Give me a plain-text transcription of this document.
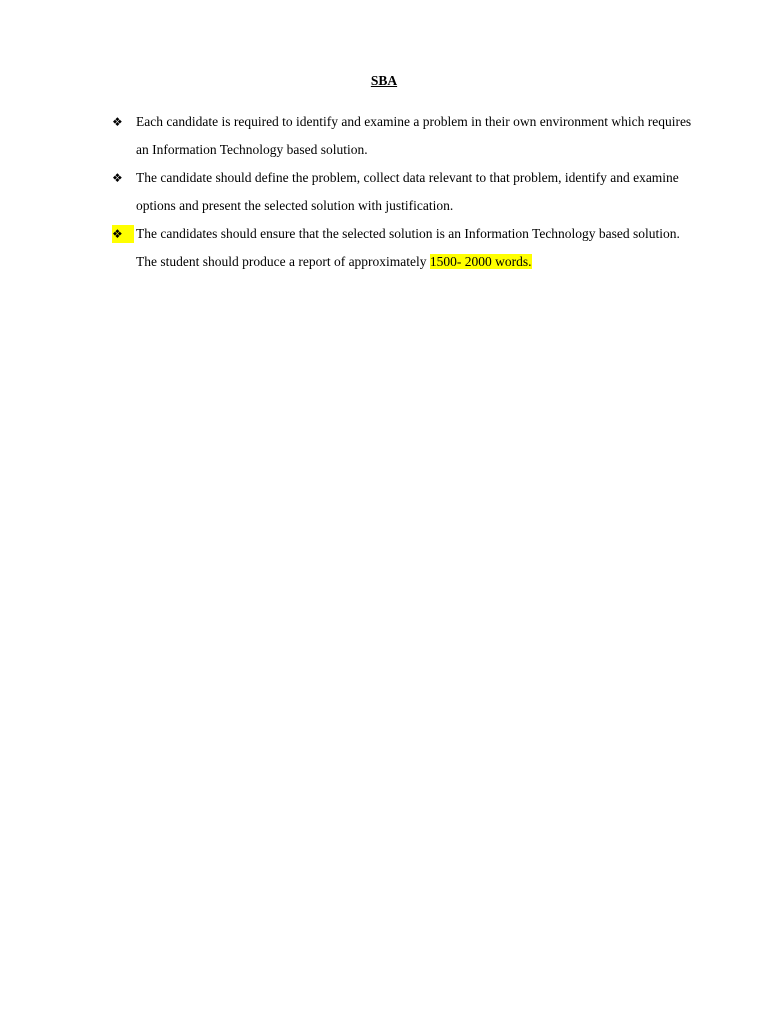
SBA
❖ Each candidate is required to identify and examine a problem in their own environment which requires an Information Technology based solution.
❖ The candidate should define the problem, collect data relevant to that problem, identify and examine options and present the selected solution with justification.
❖ The candidates should ensure that the selected solution is an Information Technology based solution. The student should produce a report of approximately 1500- 2000 words.
